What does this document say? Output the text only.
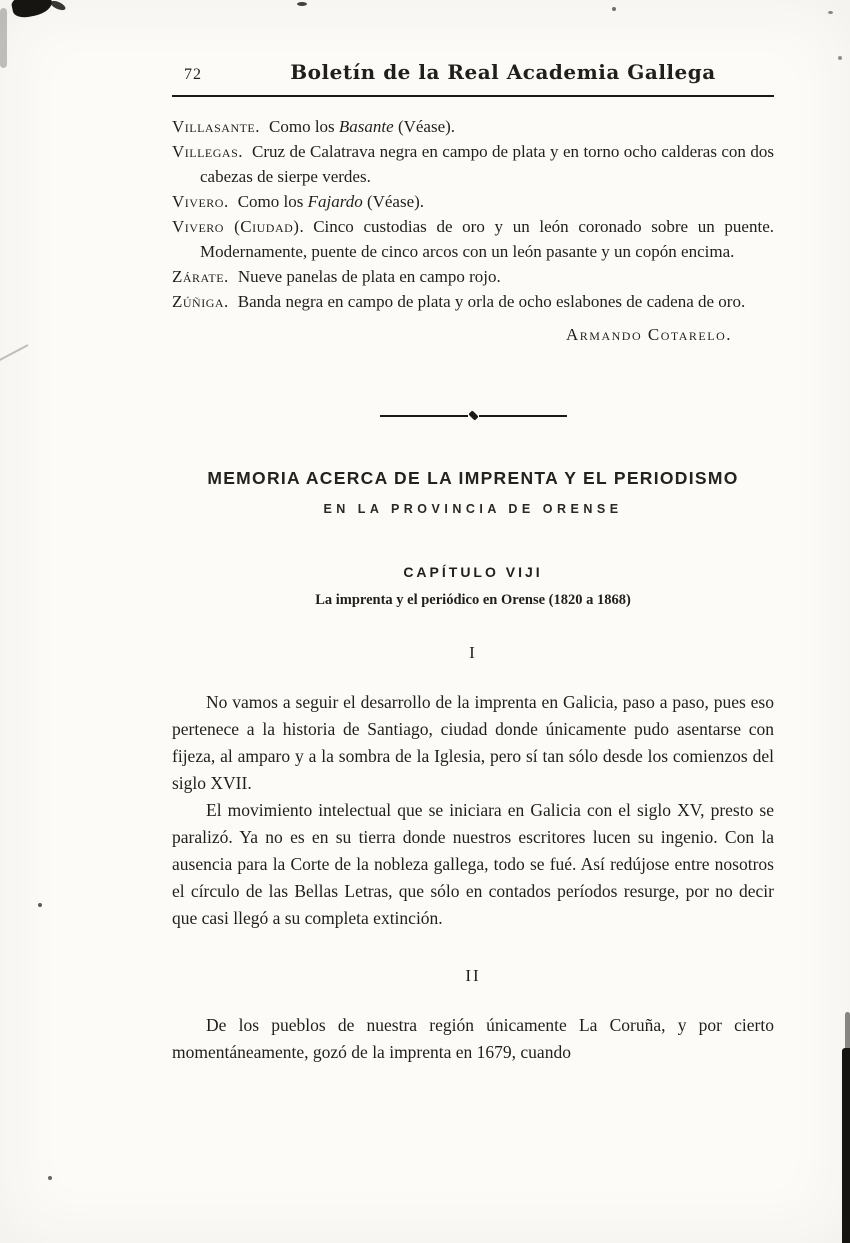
72	Boletín de la Real Academia Gallega
Villasante. Como los Basante (Véase).
Villegas. Cruz de Calatrava negra en campo de plata y en torno ocho calderas con dos cabezas de sierpe verdes.
Vivero. Como los Fajardo (Véase).
Vivero (Ciudad). Cinco custodias de oro y un león coronado sobre un puente. Modernamente, puente de cinco arcos con un león pasante y un copón encima.
Zárate. Nueve panelas de plata en campo rojo.
Zúñiga. Banda negra en campo de plata y orla de ocho eslabones de cadena de oro.
Armando Cotarelo.
MEMORIA ACERCA DE LA IMPRENTA Y EL PERIODISMO
EN LA PROVINCIA DE ORENSE
CAPÍTULO VIJI
La imprenta y el periódico en Orense (1820 a 1868)
I

No vamos a seguir el desarrollo de la imprenta en Galicia, paso a paso, pues eso pertenece a la historia de Santiago, ciudad donde únicamente pudo asentarse con fijeza, al amparo y a la sombra de la Iglesia, pero sí tan sólo desde los comienzos del siglo XVII.

El movimiento intelectual que se iniciara en Galicia con el siglo XV, presto se paralizó. Ya no es en su tierra donde nuestros escritores lucen su ingenio. Con la ausencia para la Corte de la nobleza gallega, todo se fué. Así redújose entre nosotros el círculo de las Bellas Letras, que sólo en contados períodos resurge, por no decir que casi llegó a su completa extinción.

II

De los pueblos de nuestra región únicamente La Coruña, y por cierto momentáneamente, gozó de la imprenta en 1679, cuando
